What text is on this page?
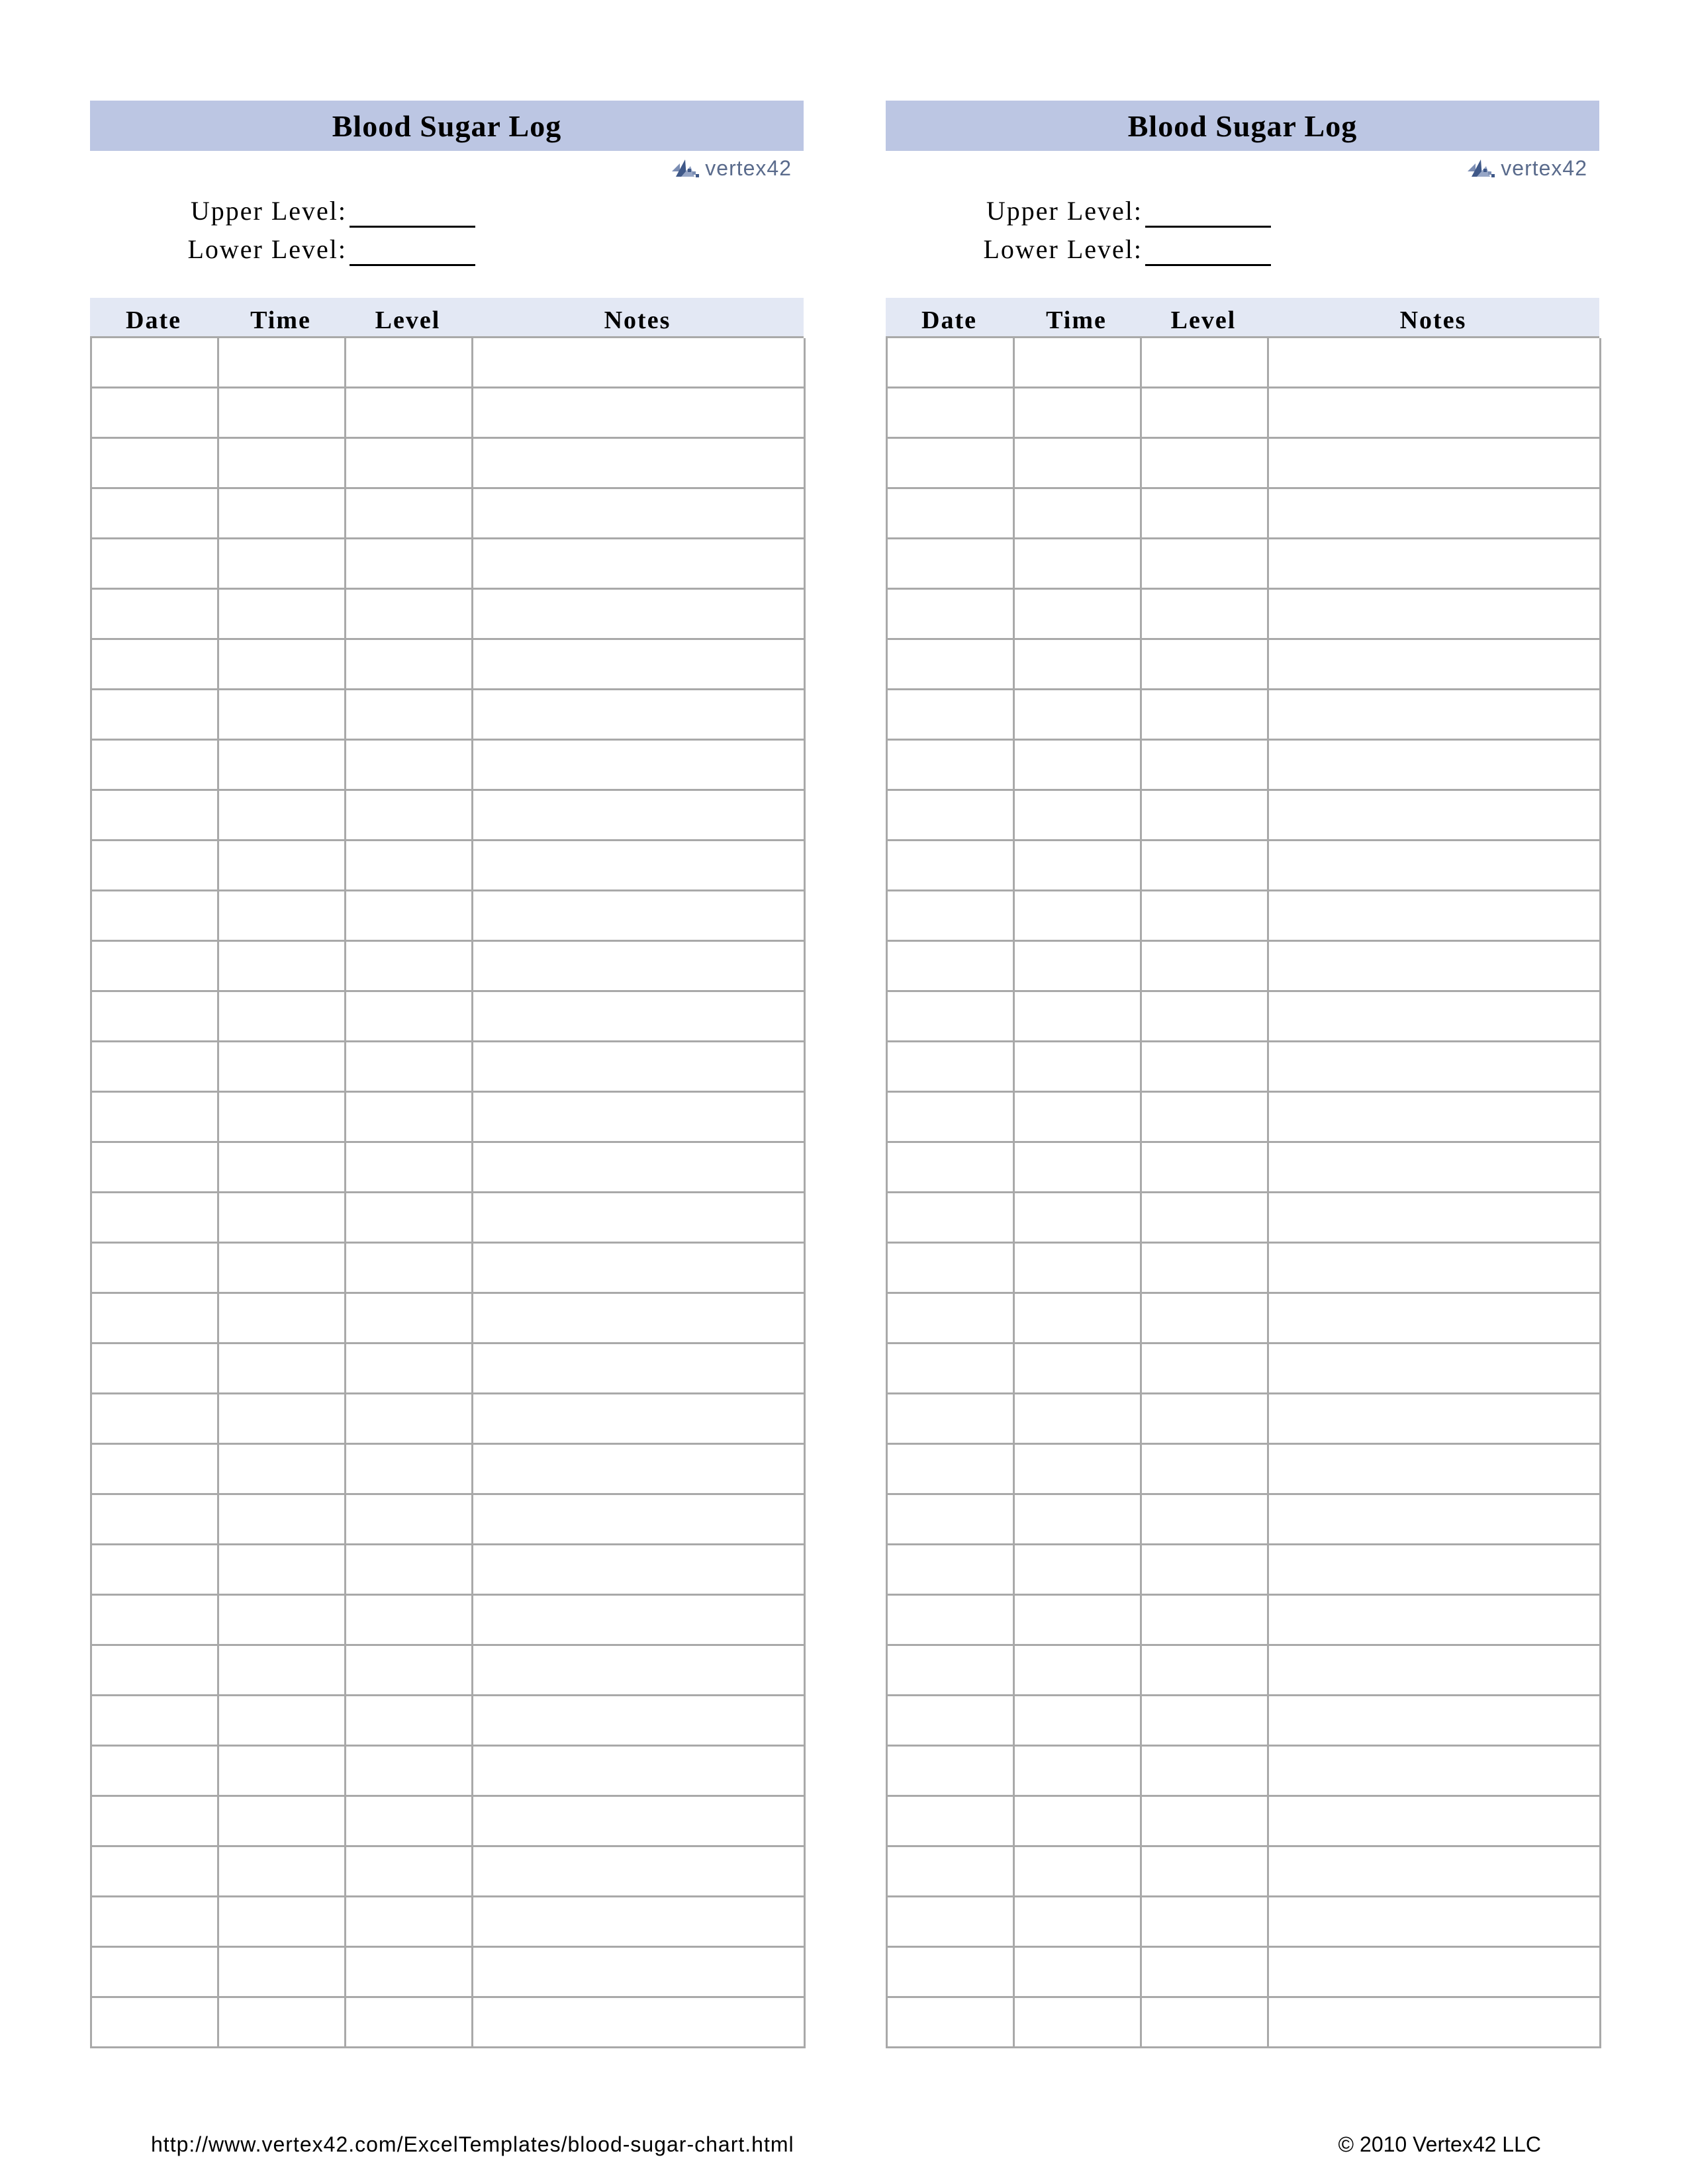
Blood Sugar Log
vertex42
Upper Level:
Lower Level:
Date	Time	Level	Notes
Blood Sugar Log
vertex42
Upper Level:
Lower Level:
Date	Time	Level	Notes
http://www.vertex42.com/ExcelTemplates/blood-sugar-chart.html	© 2010 Vertex42 LLC
